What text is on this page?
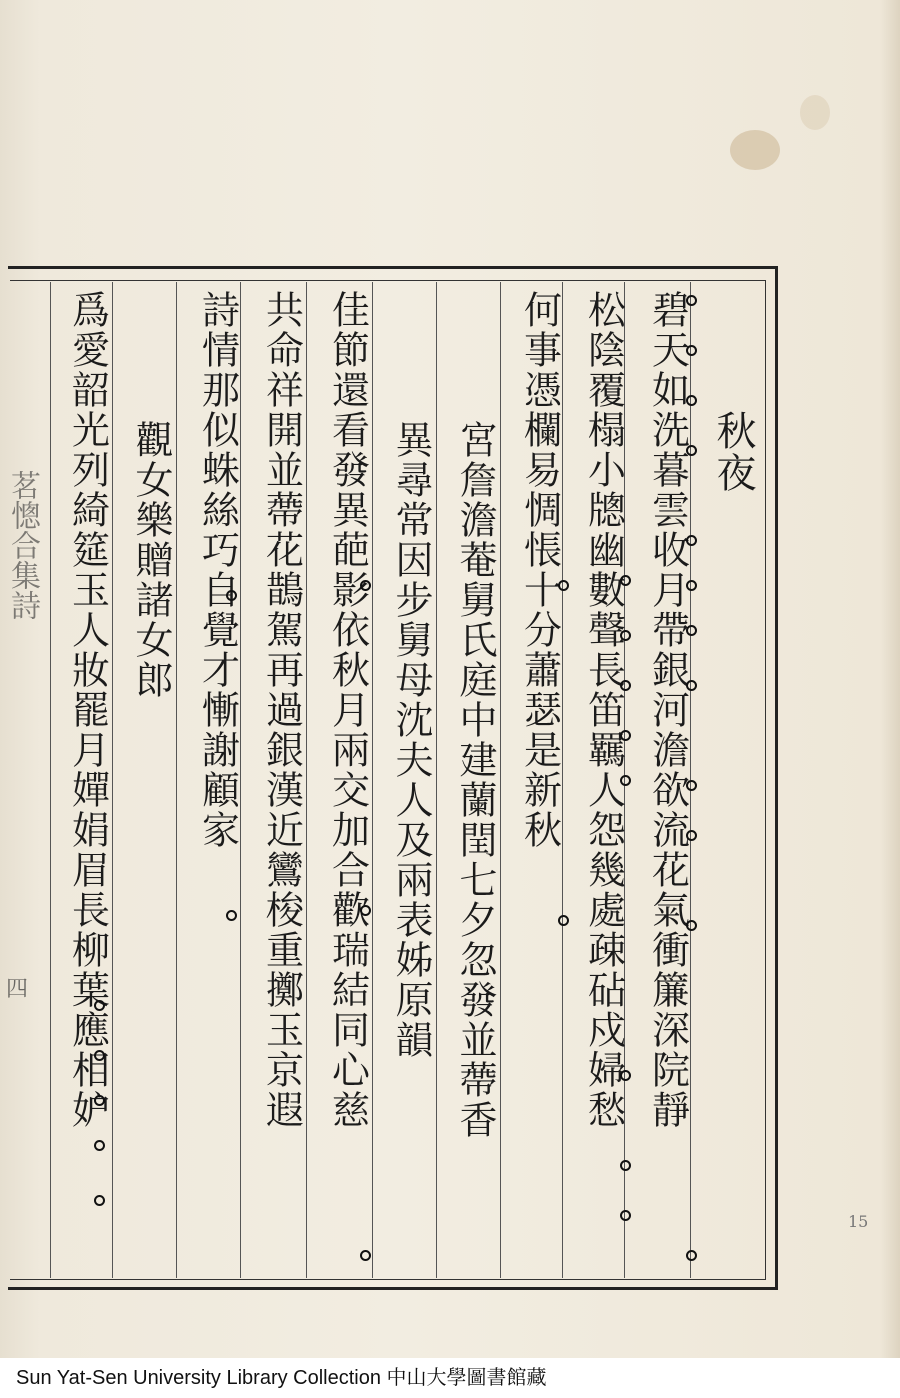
秋夜
碧天如洗暮雲收月帶銀河澹欲流花氣衝簾深院靜
松陰覆榻小牕幽數聲長笛羈人怨幾處疎砧戍婦愁
何事憑欄易惆悵十分蕭瑟是新秋
宮詹澹菴舅氏庭中建蘭閏七夕忽發並蔕香
異尋常因步舅母沈夫人及兩表姊原韻
佳節還看發異葩影依秋月兩交加合歡瑞結同心慈
共命祥開並蔕花鵲駕再過銀漢近鸞梭重擲玉京遐
詩情那似蛛絲巧自覺才慚謝顧家
觀女樂贈諸女郎
爲愛韶光列綺筵玉人妝罷月嬋娟眉長柳葉應相妒
茗憁合集詩
四
15
Sun Yat-Sen University Library Collection 中山大學圖書館藏
